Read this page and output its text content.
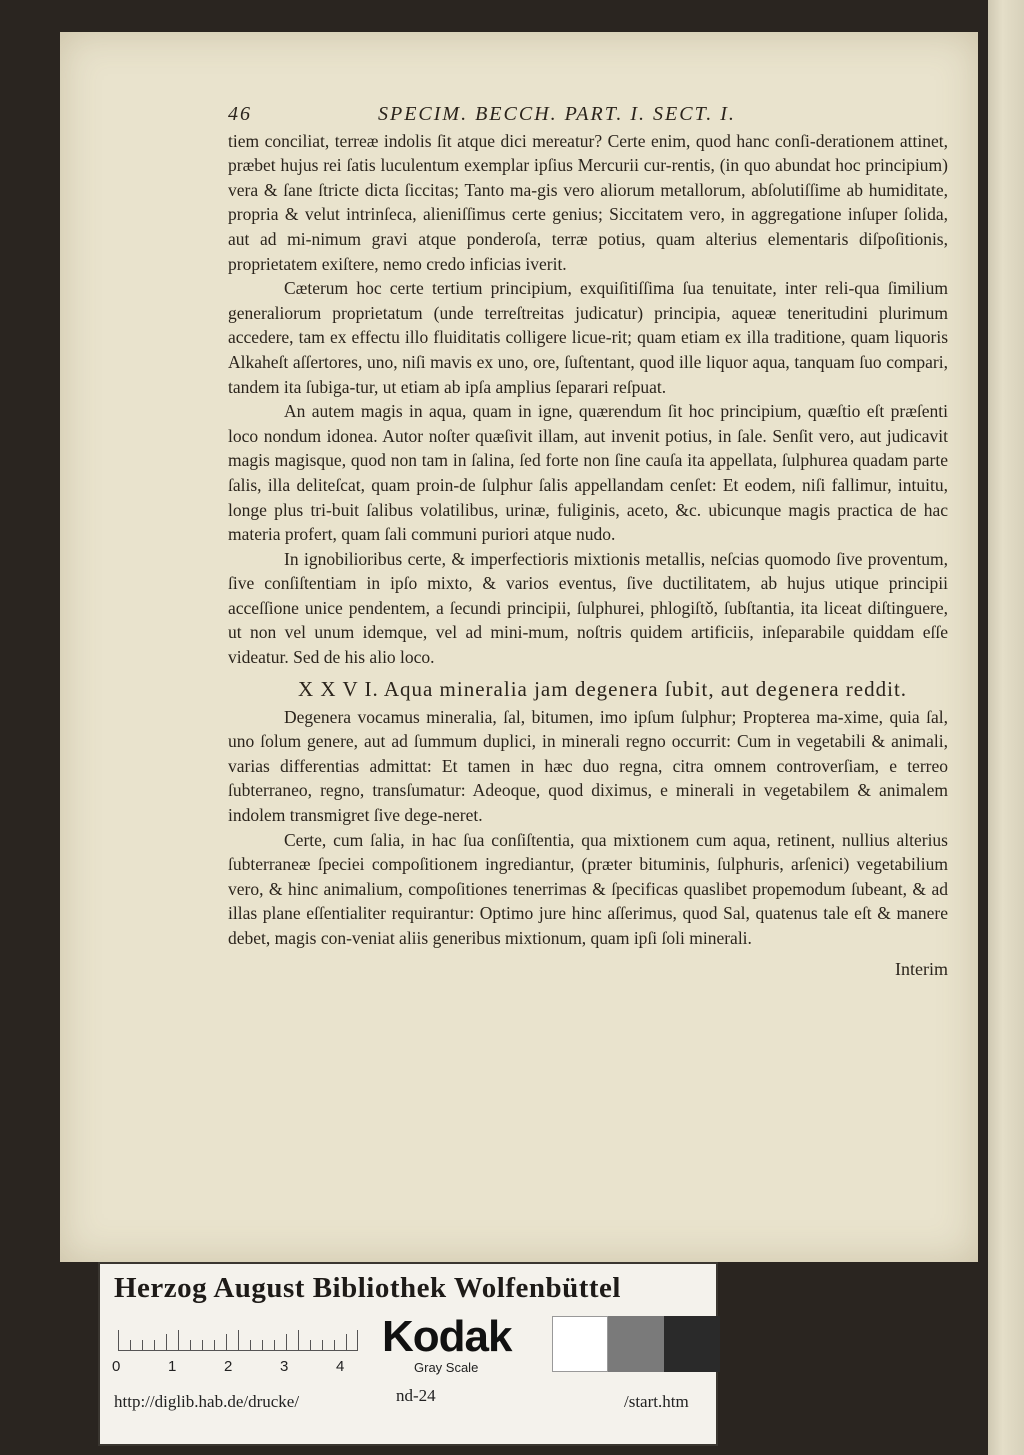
46	SPECIM. BECCH. PART. I. SECT. I.

tiem conciliat, terreæ indolis ſit atque dici mereatur? Certe enim, quod hanc conſi-derationem attinet, præbet hujus rei ſatis luculentum exemplar ipſius Mercurii cur-rentis, (in quo abundat hoc principium) vera & ſane ſtricte dicta ſiccitas; Tanto ma-gis vero aliorum metallorum, abſolutiſſime ab humiditate, propria & velut intrinſeca, alieniſſimus certe genius; Siccitatem vero, in aggregatione inſuper ſolida, aut ad mi-nimum gravi atque ponderoſa, terræ potius, quam alterius elementaris diſpoſitionis, proprietatem exiſtere, nemo credo inficias iverit.

Cæterum hoc certe tertium principium, exquiſitiſſima ſua tenuitate, inter reli-qua ſimilium generaliorum proprietatum (unde terreſtreitas judicatur) principia, aqueæ teneritudini plurimum accedere, tam ex effectu illo fluiditatis colligere licue-rit; quam etiam ex illa traditione, quam liquoris Alkaheſt aſſertores, uno, niſi mavis ex uno, ore, ſuſtentant, quod ille liquor aqua, tanquam ſuo compari, tandem ita ſubiga-tur, ut etiam ab ipſa amplius ſeparari reſpuat.

An autem magis in aqua, quam in igne, quærendum ſit hoc principium, quæſtio eſt præſenti loco nondum idonea. Autor noſter quæſivit illam, aut invenit potius, in ſale. Senſit vero, aut judicavit magis magisque, quod non tam in ſalina, ſed forte non ſine cauſa ita appellata, ſulphurea quadam parte ſalis, illa deliteſcat, quam proin-de ſulphur ſalis appellandam cenſet: Et eodem, niſi fallimur, intuitu, longe plus tri-buit ſalibus volatilibus, urinæ, fuliginis, aceto, &c. ubicunque magis practica de hac materia profert, quam ſali communi puriori atque nudo.

In ignobilioribus certe, & imperfectioris mixtionis metallis, neſcias quomodo ſive proventum, ſive conſiſtentiam in ipſo mixto, & varios eventus, ſive ductilitatem, ab hujus utique principii acceſſione unice pendentem, a ſecundi principii, ſulphurei, phlogiſtǒ, ſubſtantia, ita liceat diſtinguere, ut non vel unum idemque, vel ad mini-mum, noſtris quidem artificiis, inſeparabile quiddam eſſe videatur. Sed de his alio loco.

X X V I. Aqua mineralia jam degenera ſubit, aut degenera reddit.

Degenera vocamus mineralia, ſal, bitumen, imo ipſum ſulphur; Propterea ma-xime, quia ſal, uno ſolum genere, aut ad ſummum duplici, in minerali regno occurrit: Cum in vegetabili & animali, varias differentias admittat: Et tamen in hæc duo regna, citra omnem controverſiam, e terreo ſubterraneo, regno, transſumatur: Adeoque, quod diximus, e minerali in vegetabilem & animalem indolem transmigret ſive dege-neret.

Certe, cum ſalia, in hac ſua conſiſtentia, qua mixtionem cum aqua, retinent, nullius alterius ſubterraneæ ſpeciei compoſitionem ingrediantur, (præter bituminis, ſulphuris, arſenici) vegetabilium vero, & hinc animalium, compoſitiones tenerrimas & ſpecificas quaslibet propemodum ſubeant, & ad illas plane eſſentialiter requirantur: Optimo jure hinc aſſerimus, quod Sal, quatenus tale eſt & manere debet, magis con-veniat aliis generibus mixtionum, quam ipſi ſoli minerali.

Interim
Herzog August Bibliothek Wolfenbüttel
0	1	2	3	4
Kodak
Gray Scale
http://diglib.hab.de/drucke/	nd-24	/start.htm
